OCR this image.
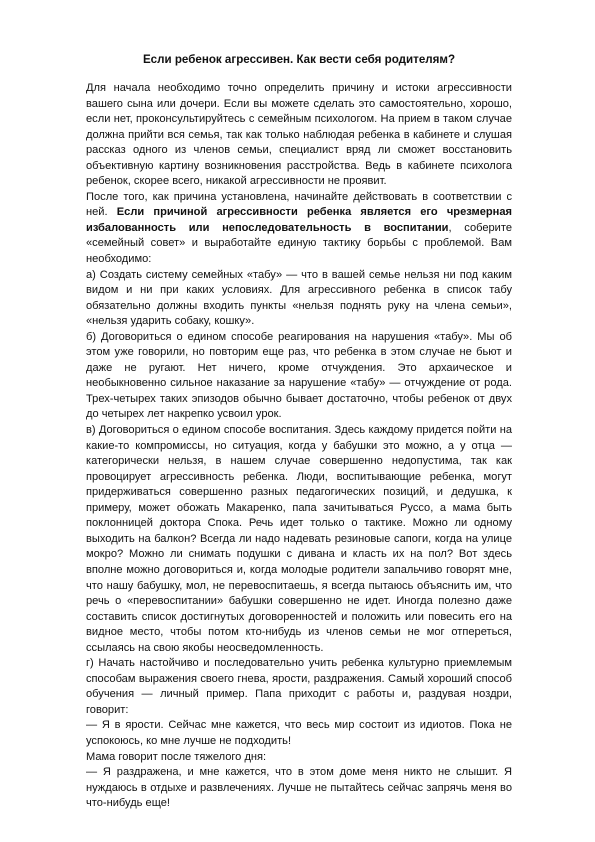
Если ребенок агрессивен. Как вести себя родителям?

Для начала необходимо точно определить причину и истоки агрессивности вашего сына или дочери. Если вы можете сделать это самостоятельно, хорошо, если нет, проконсультируйтесь с семейным психологом. На прием в таком случае должна прийти вся семья, так как только наблюдая ребенка в кабинете и слушая рассказ одного из членов семьи, специалист вряд ли сможет восстановить объективную картину возникновения расстройства. Ведь в кабинете психолога ребенок, скорее всего, никакой агрессивности не проявит.

После того, как причина установлена, начинайте действовать в соответствии с ней. Если причиной агрессивности ребенка является его чрезмерная избалованность или непоследовательность в воспитании, соберите «семейный совет» и выработайте единую тактику борьбы с проблемой. Вам необходимо:

а) Создать систему семейных «табу» — что в вашей семье нельзя ни под каким видом и ни при каких условиях. Для агрессивного ребенка в список табу обязательно должны входить пункты «нельзя поднять руку на члена семьи», «нельзя ударить собаку, кошку».

б) Договориться о едином способе реагирования на нарушения «табу». Мы об этом уже говорили, но повторим еще раз, что ребенка в этом случае не бьют и даже не ругают. Нет ничего, кроме отчуждения. Это архаическое и необыкновенно сильное наказание за нарушение «табу» — отчуждение от рода. Трех-четырех таких эпизодов обычно бывает достаточно, чтобы ребенок от двух до четырех лет накрепко усвоил урок.

в) Договориться о едином способе воспитания. Здесь каждому придется пойти на какие-то компромиссы, но ситуация, когда у бабушки это можно, а у отца — категорически нельзя, в нашем случае совершенно недопустима, так как провоцирует агрессивность ребенка. Люди, воспитывающие ребенка, могут придерживаться совершенно разных педагогических позиций, и дедушка, к примеру, может обожать Макаренко, папа зачитываться Руссо, а мама быть поклонницей доктора Спока. Речь идет только о тактике. Можно ли одному выходить на балкон? Всегда ли надо надевать резиновые сапоги, когда на улице мокро? Можно ли снимать подушки с дивана и класть их на пол? Вот здесь вполне можно договориться и, когда молодые родители запальчиво говорят мне, что нашу бабушку, мол, не перевоспитаешь, я всегда пытаюсь объяснить им, что речь о «перевоспитании» бабушки совершенно не идет. Иногда полезно даже составить список достигнутых договоренностей и положить или повесить его на видное место, чтобы потом кто-нибудь из членов семьи не мог отпереться, ссылаясь на свою якобы неосведомленность.

г) Начать настойчиво и последовательно учить ребенка культурно приемлемым способам выражения своего гнева, ярости, раздражения. Самый хороший способ обучения — личный пример. Папа приходит с работы и, раздувая ноздри, говорит:

— Я в ярости. Сейчас мне кажется, что весь мир состоит из идиотов. Пока не успокоюсь, ко мне лучше не подходить!

Мама говорит после тяжелого дня:

— Я раздражена, и мне кажется, что в этом доме меня никто не слышит. Я нуждаюсь в отдыхе и развлечениях. Лучше не пытайтесь сейчас запрячь меня во что-нибудь еще!
